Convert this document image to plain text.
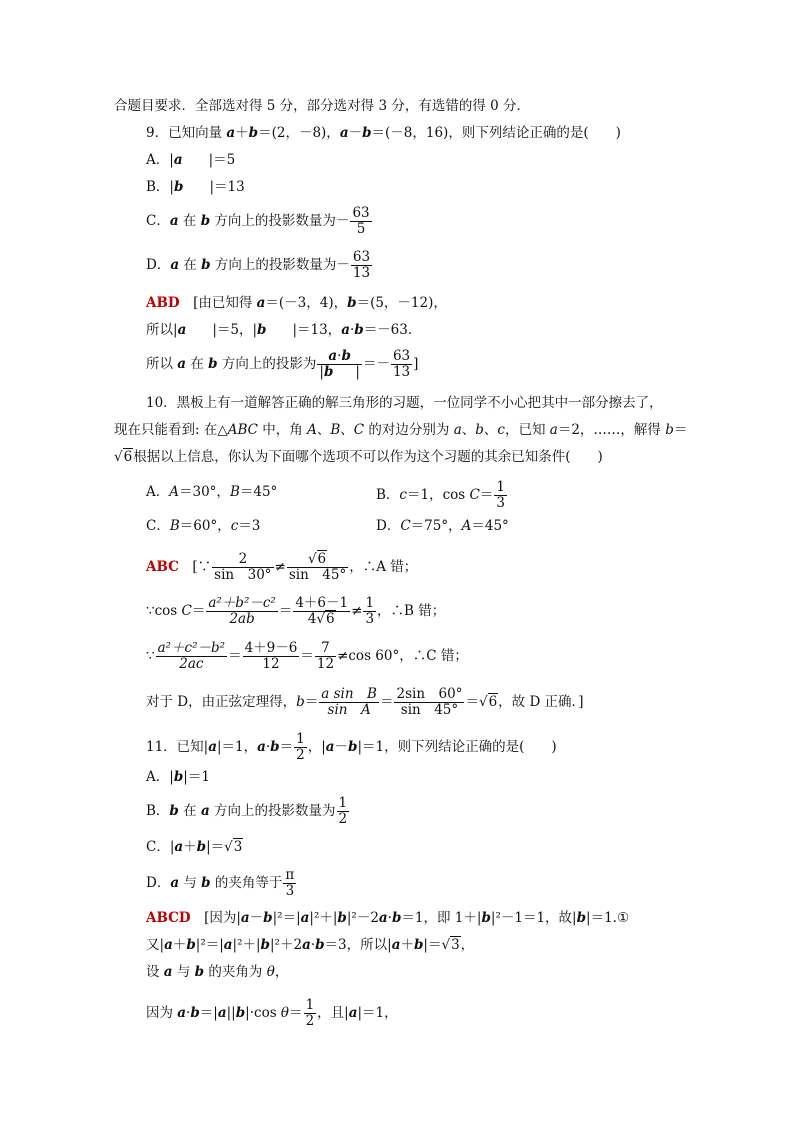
合题目要求．全部选对得 5 分，部分选对得 3 分，有选错的得 0 分．
9．已知向量 a＋b＝(2，－8)，a－b＝(－8，16)，则下列结论正确的是(　　)
A．|a |＝5
B．|b |＝13
C．a 在 b 方向上的投影数量为－ $\frac{63}{5}$
D．a 在 b 方向上的投影数量为－ $\frac{63}{13}$
ABD　[由已知得 a＝(－3，4)，b＝(5，－12)，
所以|a |＝5，|b |＝13，a·b＝－63.
所以 a 在 b 方向上的投影为 $\frac{a\cdot b}{|b |} =- \frac{63}{13}$ ]
10．黑板上有一道解答正确的解三角形的习题，一位同学不小心把其中一部分擦去了，
现在只能看到: 在△ABC 中，角 A、B、C 的对边分别为 a、b、c，已知 a＝2，……，解得 b＝
√6根据以上信息，你认为下面哪个选项不可以作为这个习题的其余已知条件(　　)
A．A＝30°，B＝45°	B．c＝1，$\cos C= \frac{1}{3}$
C．B＝60°，c＝3	D．C＝75°，A＝45°
ABC　[∵ $\frac{2}{\sin 30^\circ} \ne \frac{√6}{\sin 45^\circ}$ ，∴A 错；
∵cos $C= \frac{\text{a²＋b²－c²}}{2ab} = \frac{4+6-1}{4√6} \ne \frac{1}{3}$ ，∴B 错；
∵ $\frac{\text{a²＋c²－b²}}{2ac} = \frac{4+9-6}{12} = \frac{7}{12} \ne\cos$ 60°，∴C 错；
对于 D，由正弦定理得，$b= \frac{\text{a sin　B}}{\text{sin　A}} = \frac{2\sin 60^\circ}{\sin 45^\circ} =√6$，故 D 正确．]
11．已知|a|＝1，$a\cdot b= \frac{1}{2}$ ，|a－b|＝1，则下列结论正确的是(　　)
A．|b|＝1
B．b 在 a 方向上的投影数量为 $\frac{1}{2}$
C．|a＋b|＝√3
D．a 与 b 的夹角等于 $\frac{\pi}{3}$
ABCD　[因为|a－b|²＝|a|²＋|b|²－2a·b＝1，即 1＋|b|²－1＝1，故|b|＝1. ①
又|a＋b|²＝|a|²＋|b|²＋2a·b＝3，所以|a＋b|＝√3，
设 a 与 b 的夹角为 θ，
因为 a·b＝|a||b|·cos $\theta= \frac{1}{2}$ ，且|a|＝1，
